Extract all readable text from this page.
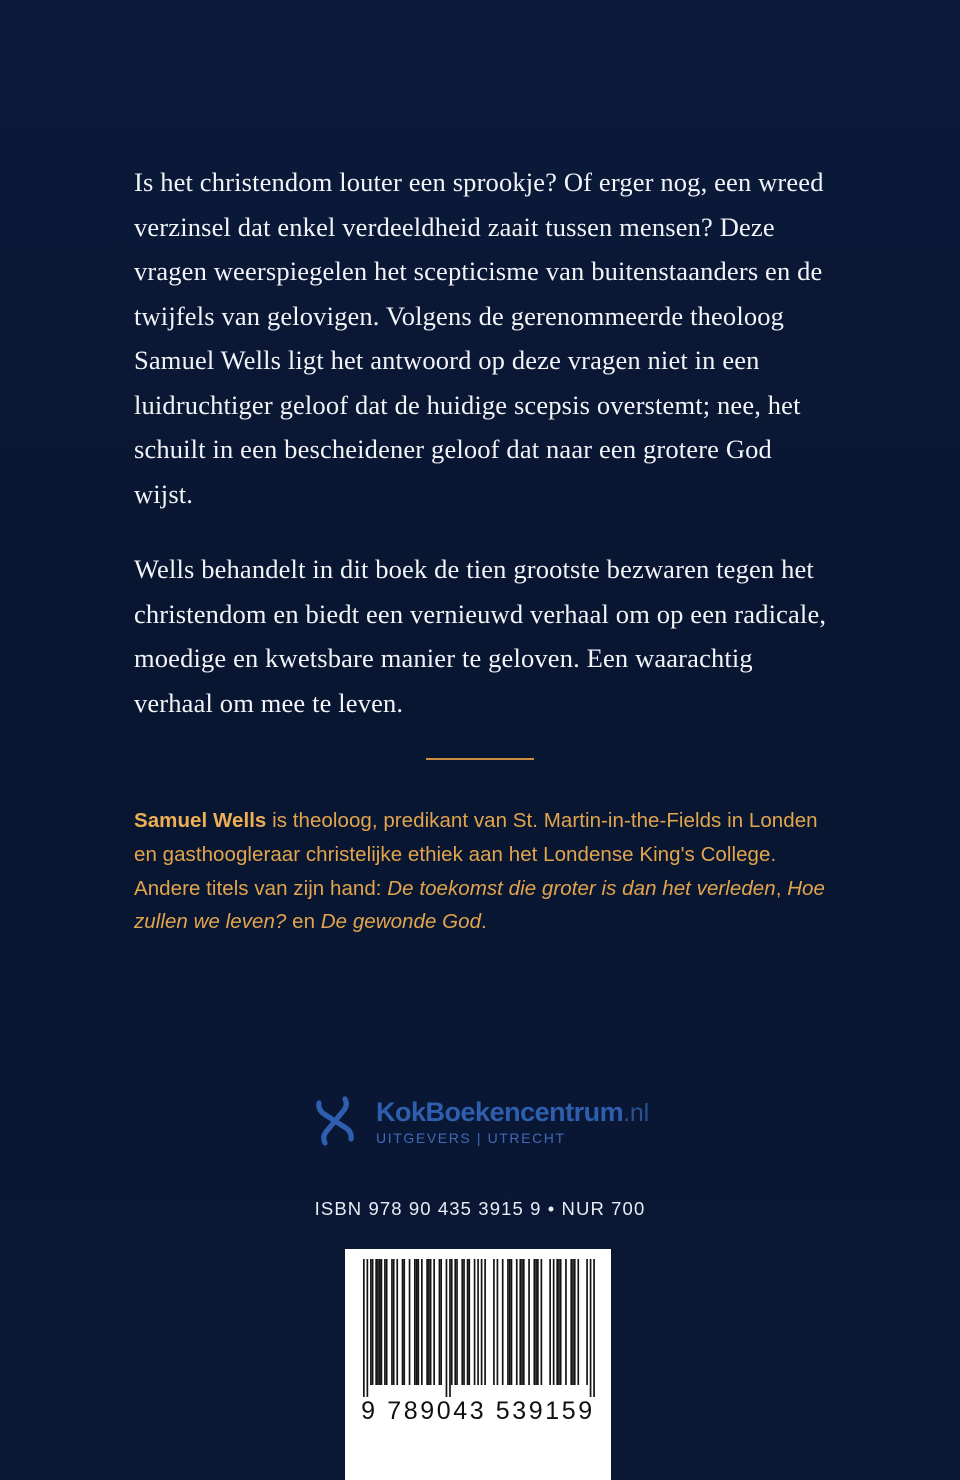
Is het christendom louter een sprookje? Of erger nog, een wreed verzinsel dat enkel verdeeldheid zaait tussen mensen? Deze vragen weerspiegelen het scepticisme van buitenstaanders en de twijfels van gelovigen. Volgens de gerenommeerde theoloog Samuel Wells ligt het antwoord op deze vragen niet in een luidruchtiger geloof dat de huidige scepsis overstemt; nee, het schuilt in een bescheidener geloof dat naar een grotere God wijst.

Wells behandelt in dit boek de tien grootste bezwaren tegen het christendom en biedt een vernieuwd verhaal om op een radicale, moedige en kwetsbare manier te geloven. Een waarachtig verhaal om mee te leven.

Samuel Wells is theoloog, predikant van St. Martin-in-the-Fields in Londen en gasthoogleraar christelijke ethiek aan het Londense King's College. Andere titels van zijn hand: De toekomst die groter is dan het verleden, Hoe zullen we leven? en De gewonde God.
KokBoekencentrum.nl
UITGEVERS | UTRECHT
ISBN 978 90 435 3915 9 • NUR 700
9 789043 539159
